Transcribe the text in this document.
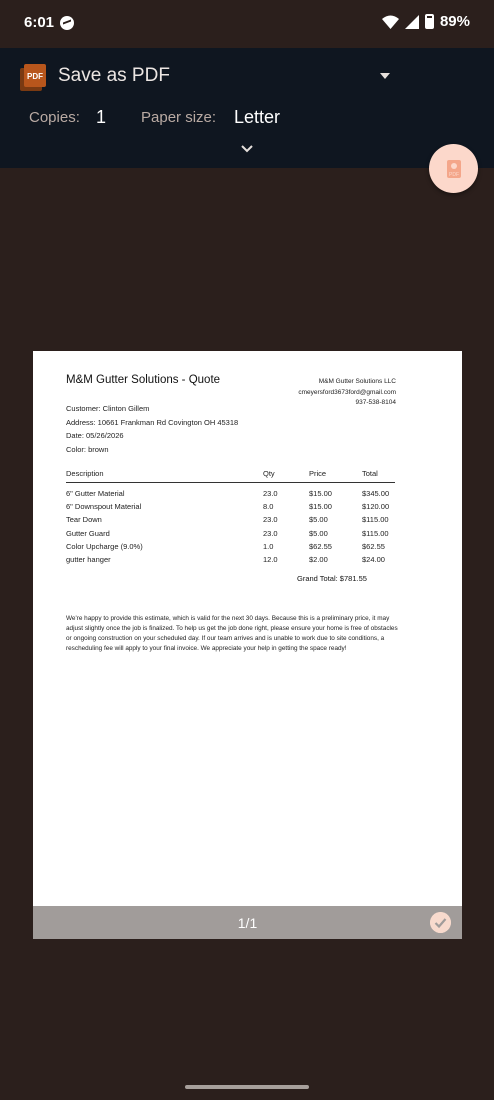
6:01	89%
PDF Save as PDF
Copies: 1 Paper size: Letter
PDF
M&M Gutter Solutions - Quote	M&M Gutter Solutions LLC
cmeyersford3673ford@gmail.com
937-538-8104
Customer: Clinton Gillem
Address: 10661 Frankman Rd Covington OH 45318
Date: 05/26/2026
Color: brown
Description	Qty	Price	Total
6" Gutter Material	23.0	$15.00	$345.00
6" Downspout Material	8.0	$15.00	$120.00
Tear Down	23.0	$5.00	$115.00
Gutter Guard	23.0	$5.00	$115.00
Color Upcharge (9.0%)	1.0	$62.55	$62.55
gutter hanger	12.0	$2.00	$24.00
Grand Total: $781.55
We're happy to provide this estimate, which is valid for the next 30 days. Because this is a preliminary price, it may adjust slightly once the job is finalized. To help us get the job done right, please ensure your home is free of obstacles or ongoing construction on your scheduled day. If our team arrives and is unable to work due to site conditions, a rescheduling fee will apply to your final invoice. We appreciate your help in getting the space ready!
1/1
